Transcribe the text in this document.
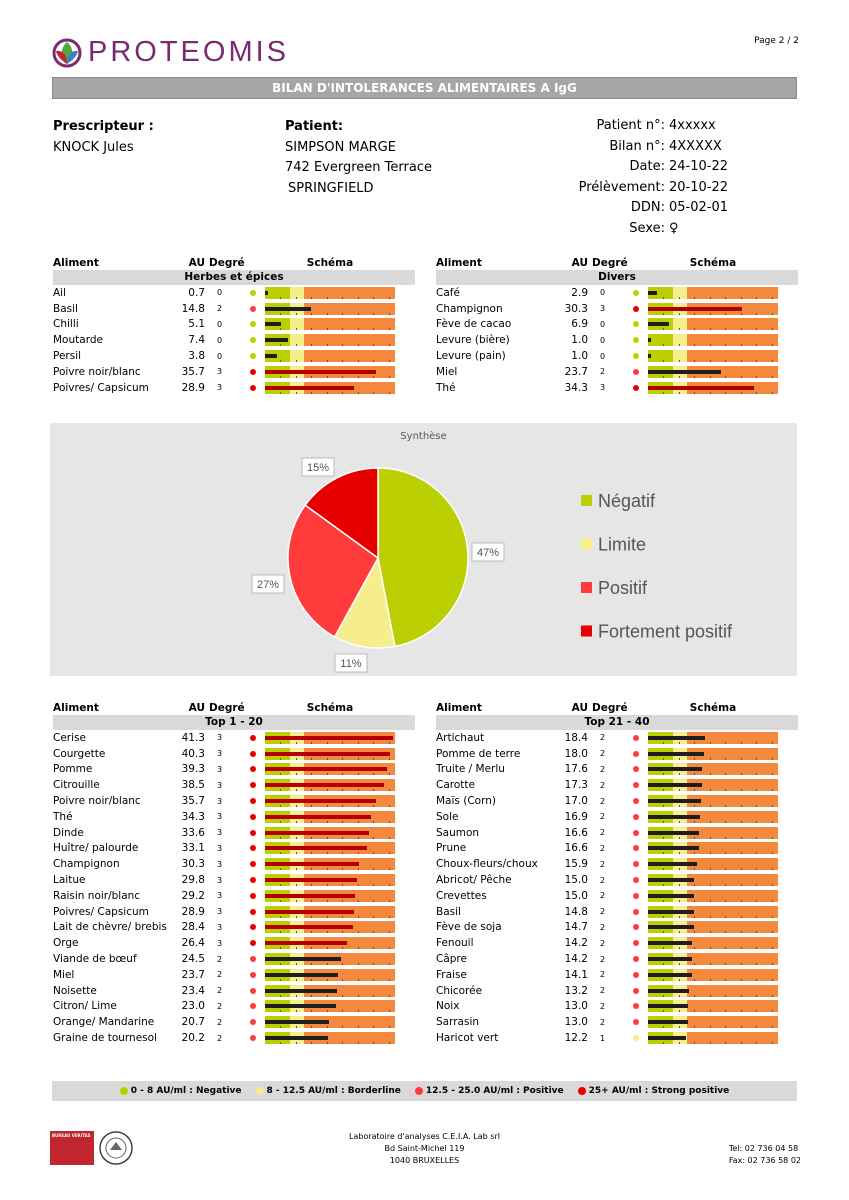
PROTEOMIS	Page 2 / 2
BILAN D'INTOLERANCES ALIMENTAIRES A IgG
Prescripteur :
KNOCK Jules
Patient:
SIMPSON MARGE
742 Evergreen Terrace
SPRINGFIELD
Patient n°: 4xxxxx
Bilan n°: 4XXXXX
Date: 24-10-22
Prélèvement: 20-10-22
DDN: 05-02-01
Sexe: ♀
Aliment	AU Degré	Schéma
Herbes et épices
Ail	0.7	0
Basil	14.8	2
Chilli	5.1	0
Moutarde	7.4	0
Persil	3.8	0
Poivre noir/blanc	35.7	3
Poivres/ Capsicum	28.9	3
Aliment	AU Degré	Schéma
Divers
Café	2.9	0
Champignon	30.3	3
Fève de cacao	6.9	0
Levure (bière)	1.0	0
Levure (pain)	1.0	0
Miel	23.7	2
Thé	34.3	3
Synthèse
47%
11%
27%
15%
Négatif
Limite
Positif
Fortement positif
Aliment	AU Degré	Schéma
Top 1 - 20
Cerise	41.3	3
Courgette	40.3	3
Pomme	39.3	3
Citrouille	38.5	3
Poivre noir/blanc	35.7	3
Thé	34.3	3
Dinde	33.6	3
Huître/ palourde	33.1	3
Champignon	30.3	3
Laitue	29.8	3
Raisin noir/blanc	29.2	3
Poivres/ Capsicum	28.9	3
Lait de chèvre/ brebis	28.4	3
Orge	26.4	3
Viande de bœuf	24.5	2
Miel	23.7	2
Noisette	23.4	2
Citron/ Lime	23.0	2
Orange/ Mandarine	20.7	2
Graine de tournesol	20.2	2
Aliment	AU Degré	Schéma
Top 21 - 40
Artichaut	18.4	2
Pomme de terre	18.0	2
Truite / Merlu	17.6	2
Carotte	17.3	2
Maïs (Corn)	17.0	2
Sole	16.9	2
Saumon	16.6	2
Prune	16.6	2
Choux-fleurs/choux	15.9	2
Abricot/ Pêche	15.0	2
Crevettes	15.0	2
Basil	14.8	2
Fève de soja	14.7	2
Fenouil	14.2	2
Câpre	14.2	2
Fraise	14.1	2
Chicorée	13.2	2
Noix	13.0	2
Sarrasin	13.0	2
Haricot vert	12.2	1
0 - 8 AU/ml : Negative	8 - 12.5 AU/ml : Borderline	12.5 - 25.0 AU/ml : Positive	25+ AU/ml : Strong positive
BUREAU VERITAS	Laboratoire d'analyses C.E.I.A. Lab srl
Bd Saint-Michel 119
1040 BRUXELLES
Tel: 02 736 04 58
Fax: 02 736 58 02
